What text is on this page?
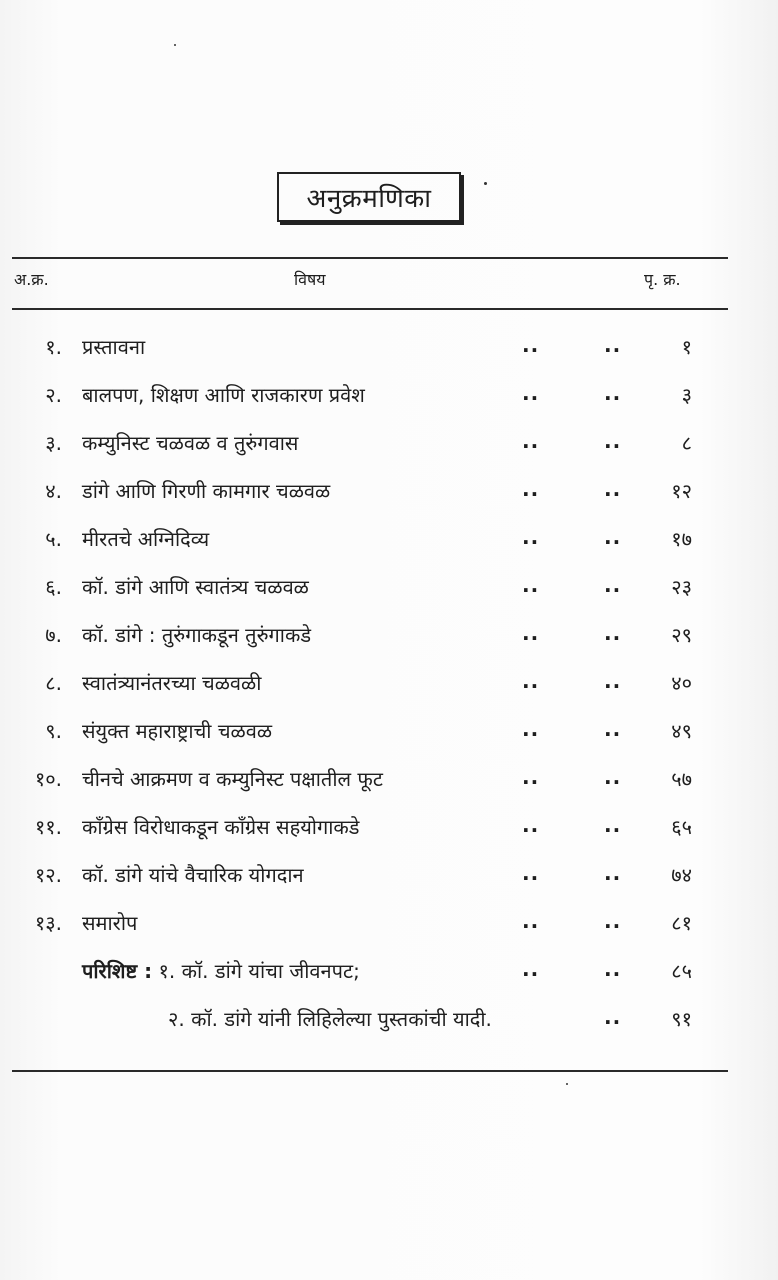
अनुक्रमणिका
अ.क्र.	विषय	पृ. क्र.
१. प्रस्तावना	..	..	१
२. बालपण, शिक्षण आणि राजकारण प्रवेश	..	..	३
३. कम्युनिस्ट चळवळ व तुरुंगवास	..	..	८
४. डांगे आणि गिरणी कामगार चळवळ	..	.. १२
५. मीरतचे अग्निदिव्य	..	.. १७
६. कॉ. डांगे आणि स्वातंत्र्य चळवळ	..	.. २३
७. कॉ. डांगे : तुरुंगाकडून तुरुंगाकडे	..	.. २९
८. स्वातंत्र्यानंतरच्या चळवळी	..	.. ४०
९. संयुक्त महाराष्ट्राची चळवळ	..	.. ४९
१०. चीनचे आक्रमण व कम्युनिस्ट पक्षातील फूट	..	.. ५७
११. कॉंग्रेस विरोधाकडून कॉंग्रेस सहयोगाकडे	..	.. ६५
१२. कॉ. डांगे यांचे वैचारिक योगदान	..	.. ७४
१३. समारोप	..	.. ८१
परिशिष्ट : १. कॉ. डांगे यांचा जीवनपट;	..	.. ८५
२. कॉ. डांगे यांनी लिहिलेल्या पुस्तकांची यादी.	.. ९१
